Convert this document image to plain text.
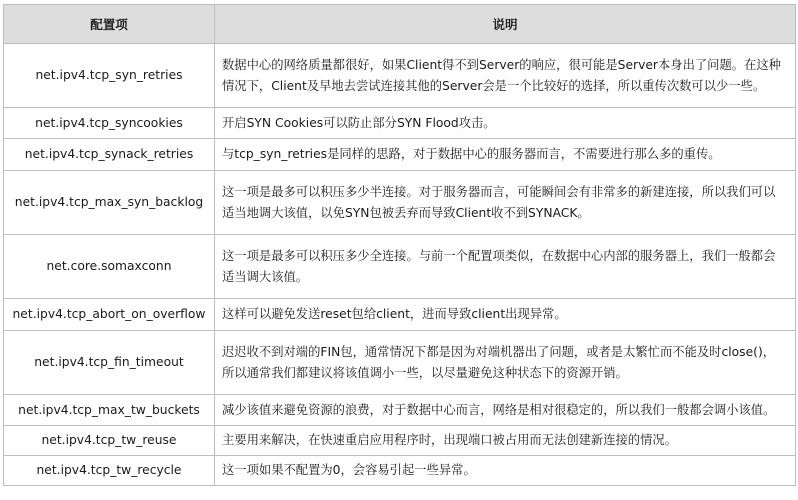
配置项	说明
net.ipv4.tcp_syn_retries	数据中心的网络质量都很好，如果Client得不到Server的响应，很可能是Server本身出了问题。在这种情况下，Client及早地去尝试连接其他的Server会是一个比较好的选择，所以重传次数可以少一些。
net.ipv4.tcp_syncookies	开启SYN Cookies可以防止部分SYN Flood攻击。
net.ipv4.tcp_synack_retries	与tcp_syn_retries是同样的思路，对于数据中心的服务器而言，不需要进行那么多的重传。
net.ipv4.tcp_max_syn_backlog	这一项是最多可以积压多少半连接。对于服务器而言，可能瞬间会有非常多的新建连接，所以我们可以适当地调大该值，以免SYN包被丢弃而导致Client收不到SYNACK。
net.core.somaxconn	这一项是最多可以积压多少全连接。与前一个配置项类似，在数据中心内部的服务器上，我们一般都会适当调大该值。
net.ipv4.tcp_abort_on_overflow	这样可以避免发送reset包给client，进而导致client出现异常。
net.ipv4.tcp_fin_timeout	迟迟收不到对端的FIN包，通常情况下都是因为对端机器出了问题，或者是太繁忙而不能及时close()，所以通常我们都建议将该值调小一些，以尽量避免这种状态下的资源开销。
net.ipv4.tcp_max_tw_buckets	减少该值来避免资源的浪费，对于数据中心而言，网络是相对很稳定的，所以我们一般都会调小该值。
net.ipv4.tcp_tw_reuse	主要用来解决，在快速重启应用程序时，出现端口被占用而无法创建新连接的情况。
net.ipv4.tcp_tw_recycle	这一项如果不配置为0，会容易引起一些异常。
